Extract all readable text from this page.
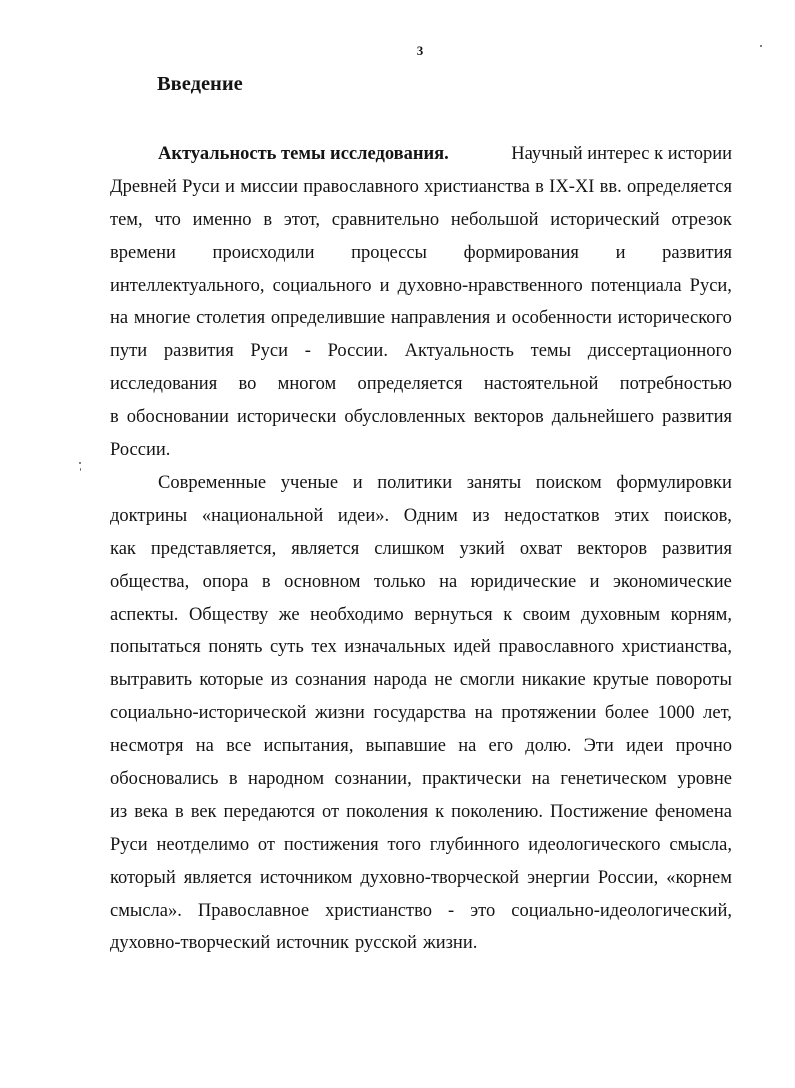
3
Введение
Актуальность темы исследования.	Научный интерес к истории
Древней Руси и миссии православного христианства в IX-XI вв. определяется
тем, что именно в этот, сравнительно небольшой исторический отрезок
времени происходили процессы формирования и развития
интеллектуального, социального и духовно-нравственного потенциала Руси,
на многие столетия определившие направления и особенности исторического
пути развития Руси - России. Актуальность темы диссертационного
исследования во многом определяется настоятельной потребностью
в обосновании исторически обусловленных векторов дальнейшего развития
России.
Современные ученые и политики заняты поиском формулировки
доктрины «национальной идеи». Одним из недостатков этих поисков,
как представляется, является слишком узкий охват векторов развития
общества, опора в основном только на юридические и экономические
аспекты. Обществу же необходимо вернуться к своим духовным корням,
попытаться понять суть тех изначальных идей православного христианства,
вытравить которые из сознания народа не смогли никакие крутые повороты
социально-исторической жизни государства на протяжении более 1000 лет,
несмотря на все испытания, выпавшие на его долю. Эти идеи прочно
обосновались в народном сознании, практически на генетическом уровне
из века в век передаются от поколения к поколению. Постижение феномена
Руси неотделимо от постижения того глубинного идеологического смысла,
который является источником духовно-творческой энергии России, «корнем
смысла». Православное христианство - это социально-идеологический,
духовно-творческий источник русской жизни.
